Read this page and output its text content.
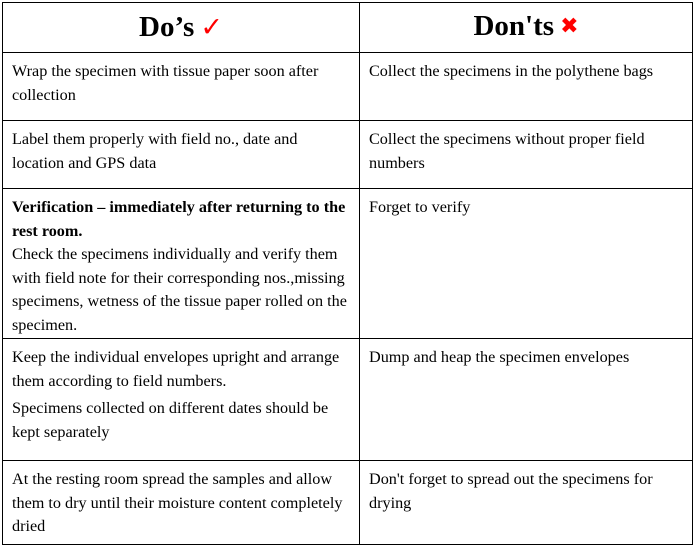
Do’s ✓	Don'ts ✖

Wrap the specimen with tissue paper soon after collection	Collect the specimens in the polythene bags

Label them properly with field no., date and location and GPS data	Collect the specimens without proper field numbers

Verification – immediately after returning to the rest room.
Check the specimens individually and verify them with field note for their corresponding nos.,missing specimens, wetness of the tissue paper rolled on the specimen.	Forget to verify

Keep the individual envelopes upright and arrange them according to field numbers.
Specimens collected on different dates should be kept separately	Dump and heap the specimen envelopes

At the resting room spread the samples and allow them to dry until their moisture content completely dried	Don't forget to spread out the specimens for drying
